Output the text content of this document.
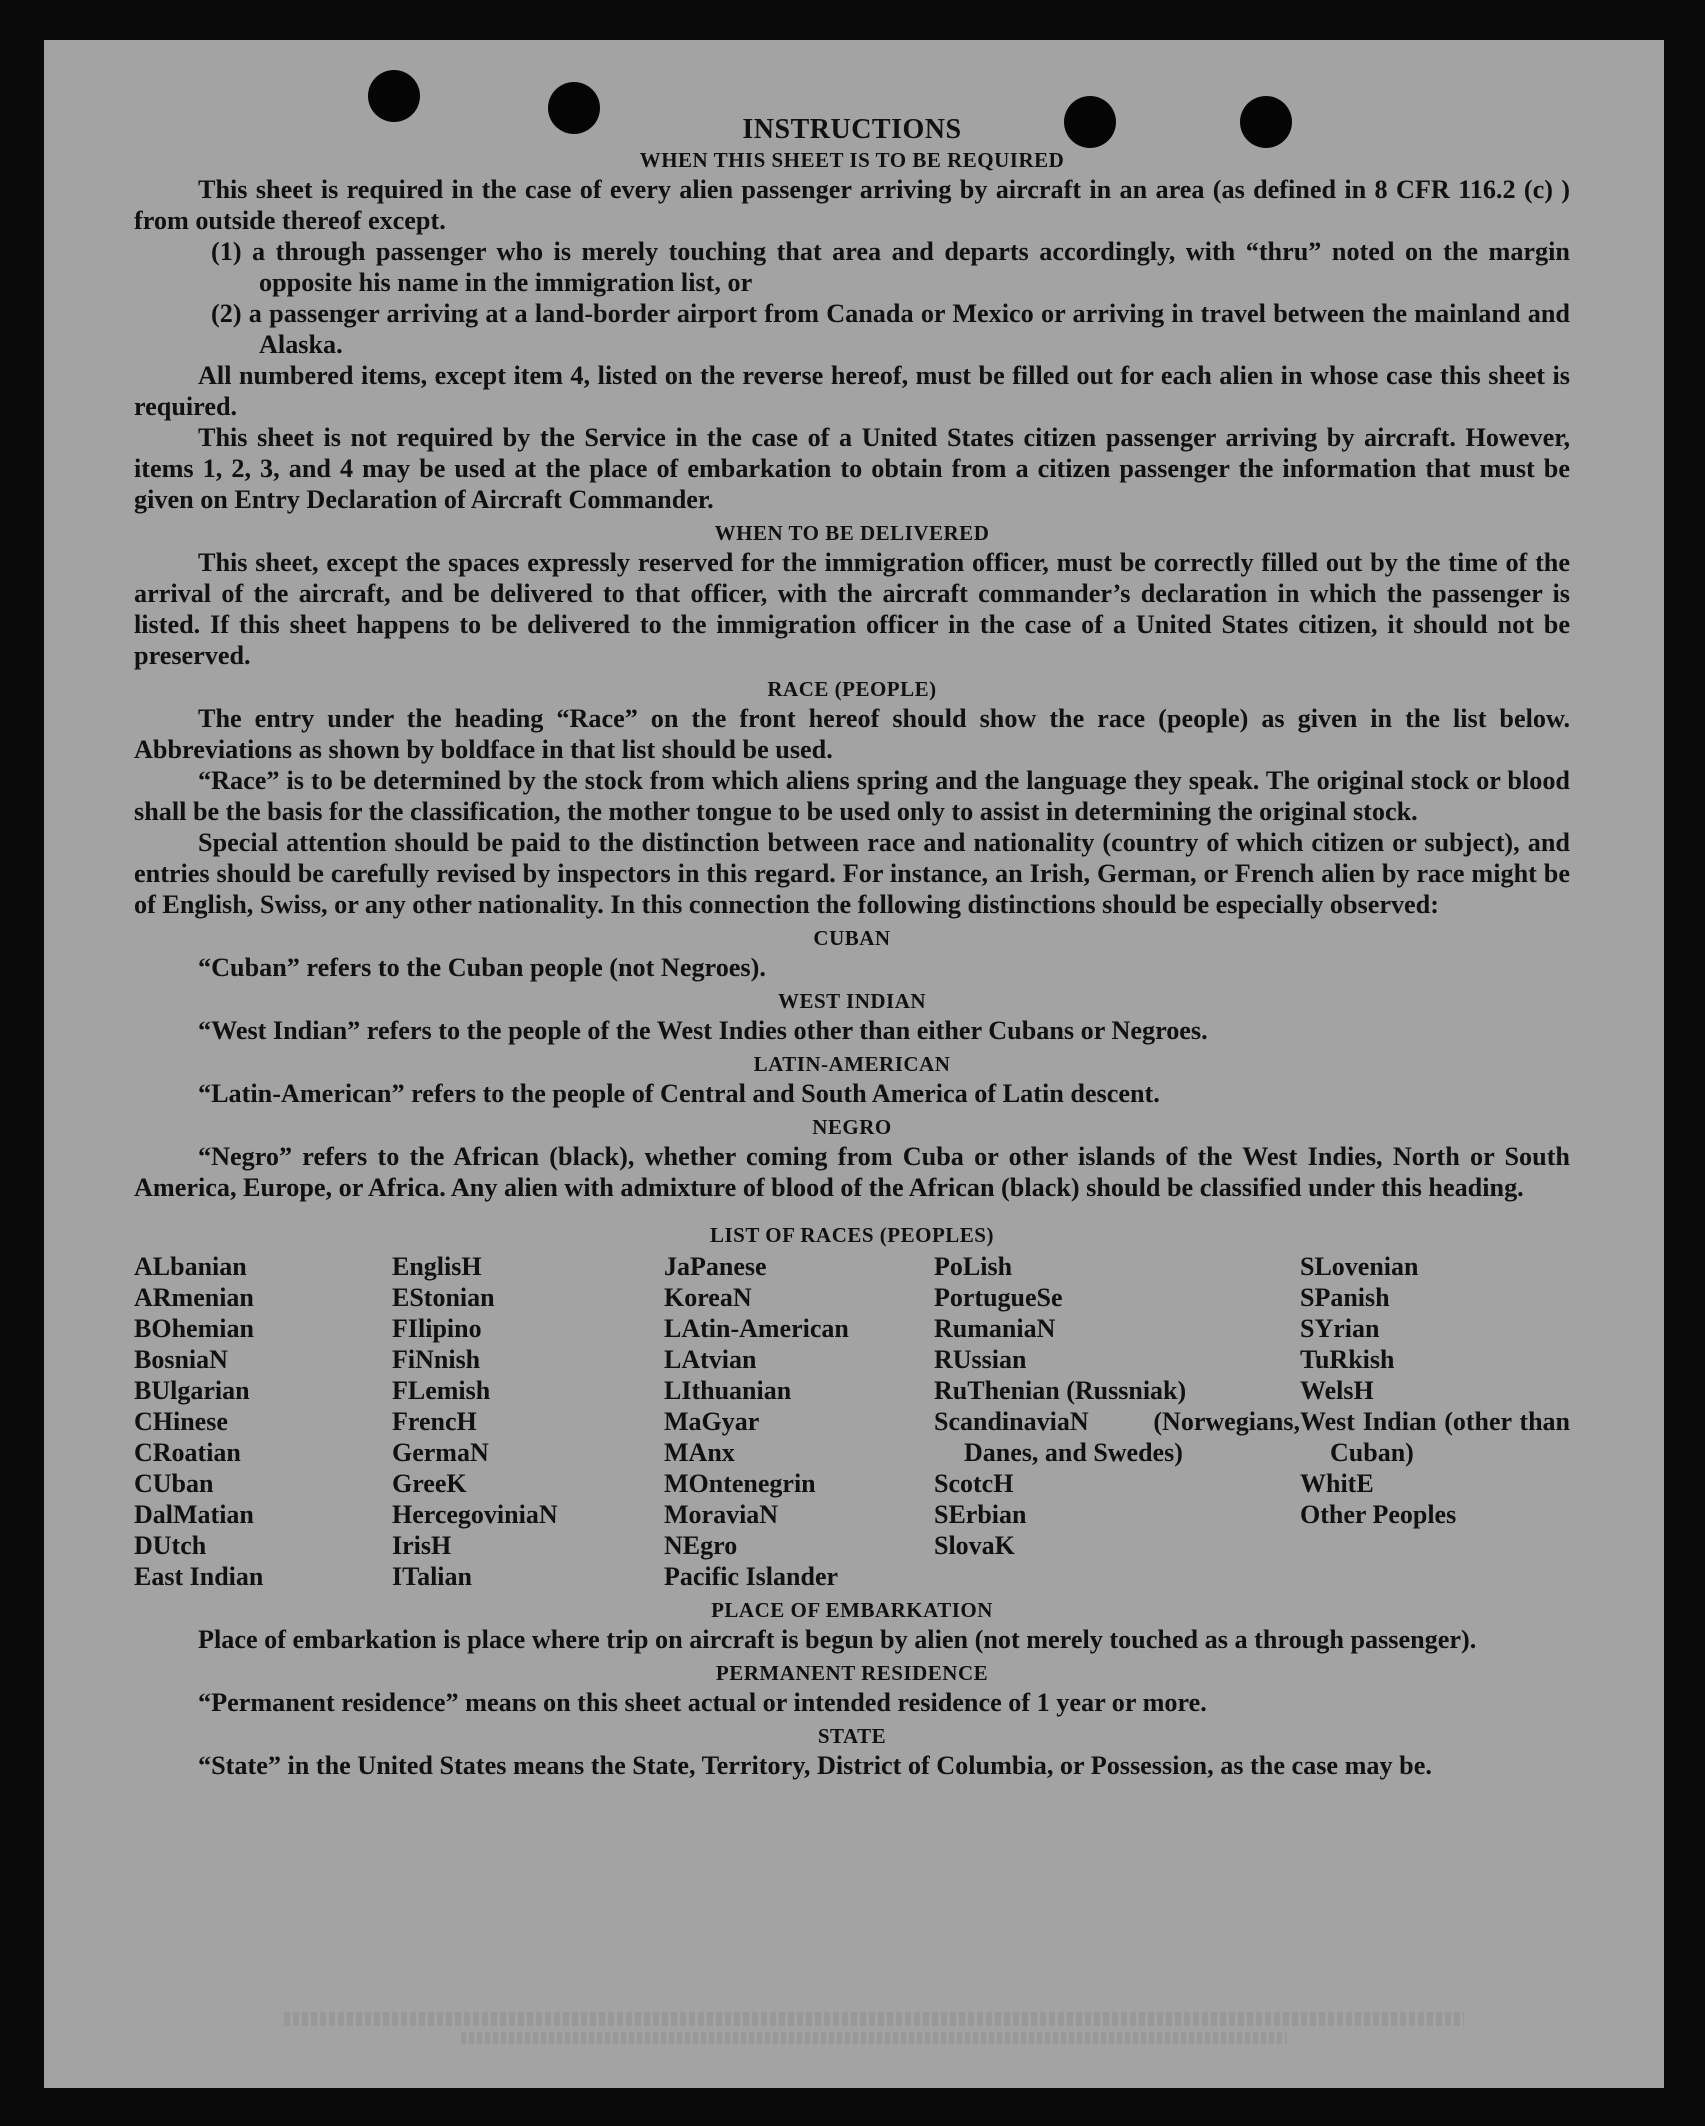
INSTRUCTIONS
WHEN THIS SHEET IS TO BE REQUIRED

This sheet is required in the case of every alien passenger arriving by aircraft in an area (as defined in 8 CFR 116.2 (c) ) from outside thereof except.

(1) a through passenger who is merely touching that area and departs accordingly, with “thru” noted on the margin opposite his name in the immigration list, or

(2) a passenger arriving at a land-border airport from Canada or Mexico or arriving in travel between the mainland and Alaska.

All numbered items, except item 4, listed on the reverse hereof, must be filled out for each alien in whose case this sheet is required.

This sheet is not required by the Service in the case of a United States citizen passenger arriving by aircraft. However, items 1, 2, 3, and 4 may be used at the place of embarkation to obtain from a citizen passenger the information that must be given on Entry Declaration of Aircraft Commander.

WHEN TO BE DELIVERED

This sheet, except the spaces expressly reserved for the immigration officer, must be correctly filled out by the time of the arrival of the aircraft, and be delivered to that officer, with the aircraft commander’s declaration in which the passenger is listed. If this sheet happens to be delivered to the immigration officer in the case of a United States citizen, it should not be preserved.

RACE (PEOPLE)

The entry under the heading “Race” on the front hereof should show the race (people) as given in the list below. Abbreviations as shown by boldface in that list should be used.

“Race” is to be determined by the stock from which aliens spring and the language they speak. The original stock or blood shall be the basis for the classification, the mother tongue to be used only to assist in determining the original stock.

Special attention should be paid to the distinction between race and nationality (country of which citizen or subject), and entries should be carefully revised by inspectors in this regard. For instance, an Irish, German, or French alien by race might be of English, Swiss, or any other nationality. In this connection the following distinctions should be especially observed:

CUBAN

“Cuban” refers to the Cuban people (not Negroes).

WEST INDIAN

“West Indian” refers to the people of the West Indies other than either Cubans or Negroes.

LATIN-AMERICAN

“Latin-American” refers to the people of Central and South America of Latin descent.

NEGRO

“Negro” refers to the African (black), whether coming from Cuba or other islands of the West Indies, North or South America, Europe, or Africa. Any alien with admixture of blood of the African (black) should be classified under this heading.

LIST OF RACES (PEOPLES)
ALbanian
ARmenian
BOhemian
BosniaN
BUlgarian
CHinese
CRoatian
CUban
DalMatian
DUtch
East Indian
EnglisH
EStonian
FIlipino
FiNnish
FLemish
FrencH
GermaN
GreeK
HercegoviniaN
IrisH
ITalian
JaPanese
KoreaN
LAtin-American
LAtvian
LIthuanian
MaGyar
MAnx
MOntenegrin
MoraviaN
NEgro
Pacific Islander
PoLish
PortugueSe
RumaniaN
RUssian
RuThenian (Russniak)
ScandinaviaN (Norwegians, Danes, and Swedes)
ScotcH
SErbian
SlovaK
SLovenian
SPanish
SYrian
TuRkish
WelsH
West Indian (other than Cuban)
WhitE
Other Peoples
PLACE OF EMBARKATION

Place of embarkation is place where trip on aircraft is begun by alien (not merely touched as a through passenger).

PERMANENT RESIDENCE

“Permanent residence” means on this sheet actual or intended residence of 1 year or more.

STATE

“State” in the United States means the State, Territory, District of Columbia, or Possession, as the case may be.
